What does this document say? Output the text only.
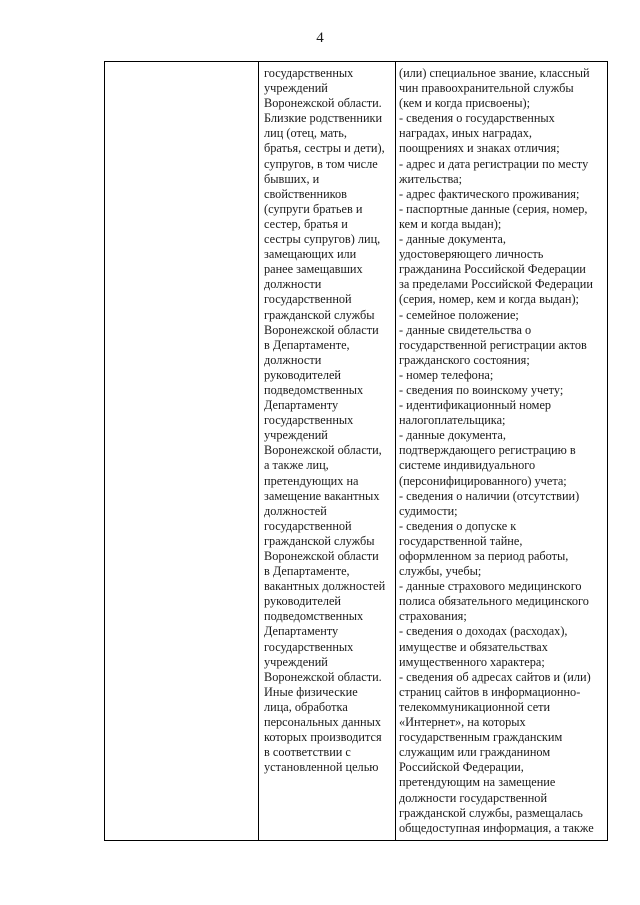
4
государственных
учреждений
Воронежской области.
Близкие родственники
лиц (отец, мать,
братья, сестры и дети),
супругов, в том числе
бывших, и
свойственников
(супруги братьев и
сестер, братья и
сестры супругов) лиц,
замещающих или
ранее замещавших
должности
государственной
гражданской службы
Воронежской области
в Департаменте,
должности
руководителей
подведомственных
Департаменту
государственных
учреждений
Воронежской области,
а также лиц,
претендующих на
замещение вакантных
должностей
государственной
гражданской службы
Воронежской области
в Департаменте,
вакантных должностей
руководителей
подведомственных
Департаменту
государственных
учреждений
Воронежской области.
Иные физические
лица, обработка
персональных данных
которых производится
в соответствии с
установленной целью
(или) специальное звание, классный
чин правоохранительной службы
(кем и когда присвоены);
- сведения о государственных
наградах, иных наградах,
поощрениях и знаках отличия;
- адрес и дата регистрации по месту
жительства;
- адрес фактического проживания;
- паспортные данные (серия, номер,
кем и когда выдан);
- данные документа,
удостоверяющего личность
гражданина Российской Федерации
за пределами Российской Федерации
(серия, номер, кем и когда выдан);
- семейное положение;
- данные свидетельства о
государственной регистрации актов
гражданского состояния;
- номер телефона;
- сведения по воинскому учету;
- идентификационный номер
налогоплательщика;
- данные документа,
подтверждающего регистрацию в
системе индивидуального
(персонифицированного) учета;
- сведения о наличии (отсутствии)
судимости;
- сведения о допуске к
государственной тайне,
оформленном за период работы,
службы, учебы;
- данные страхового медицинского
полиса обязательного медицинского
страхования;
- сведения о доходах (расходах),
имуществе и обязательствах
имущественного характера;
- сведения об адресах сайтов и (или)
страниц сайтов в информационно-
телекоммуникационной сети
«Интернет», на которых
государственным гражданским
служащим или гражданином
Российской Федерации,
претендующим на замещение
должности государственной
гражданской службы, размещалась
общедоступная информация, а также
